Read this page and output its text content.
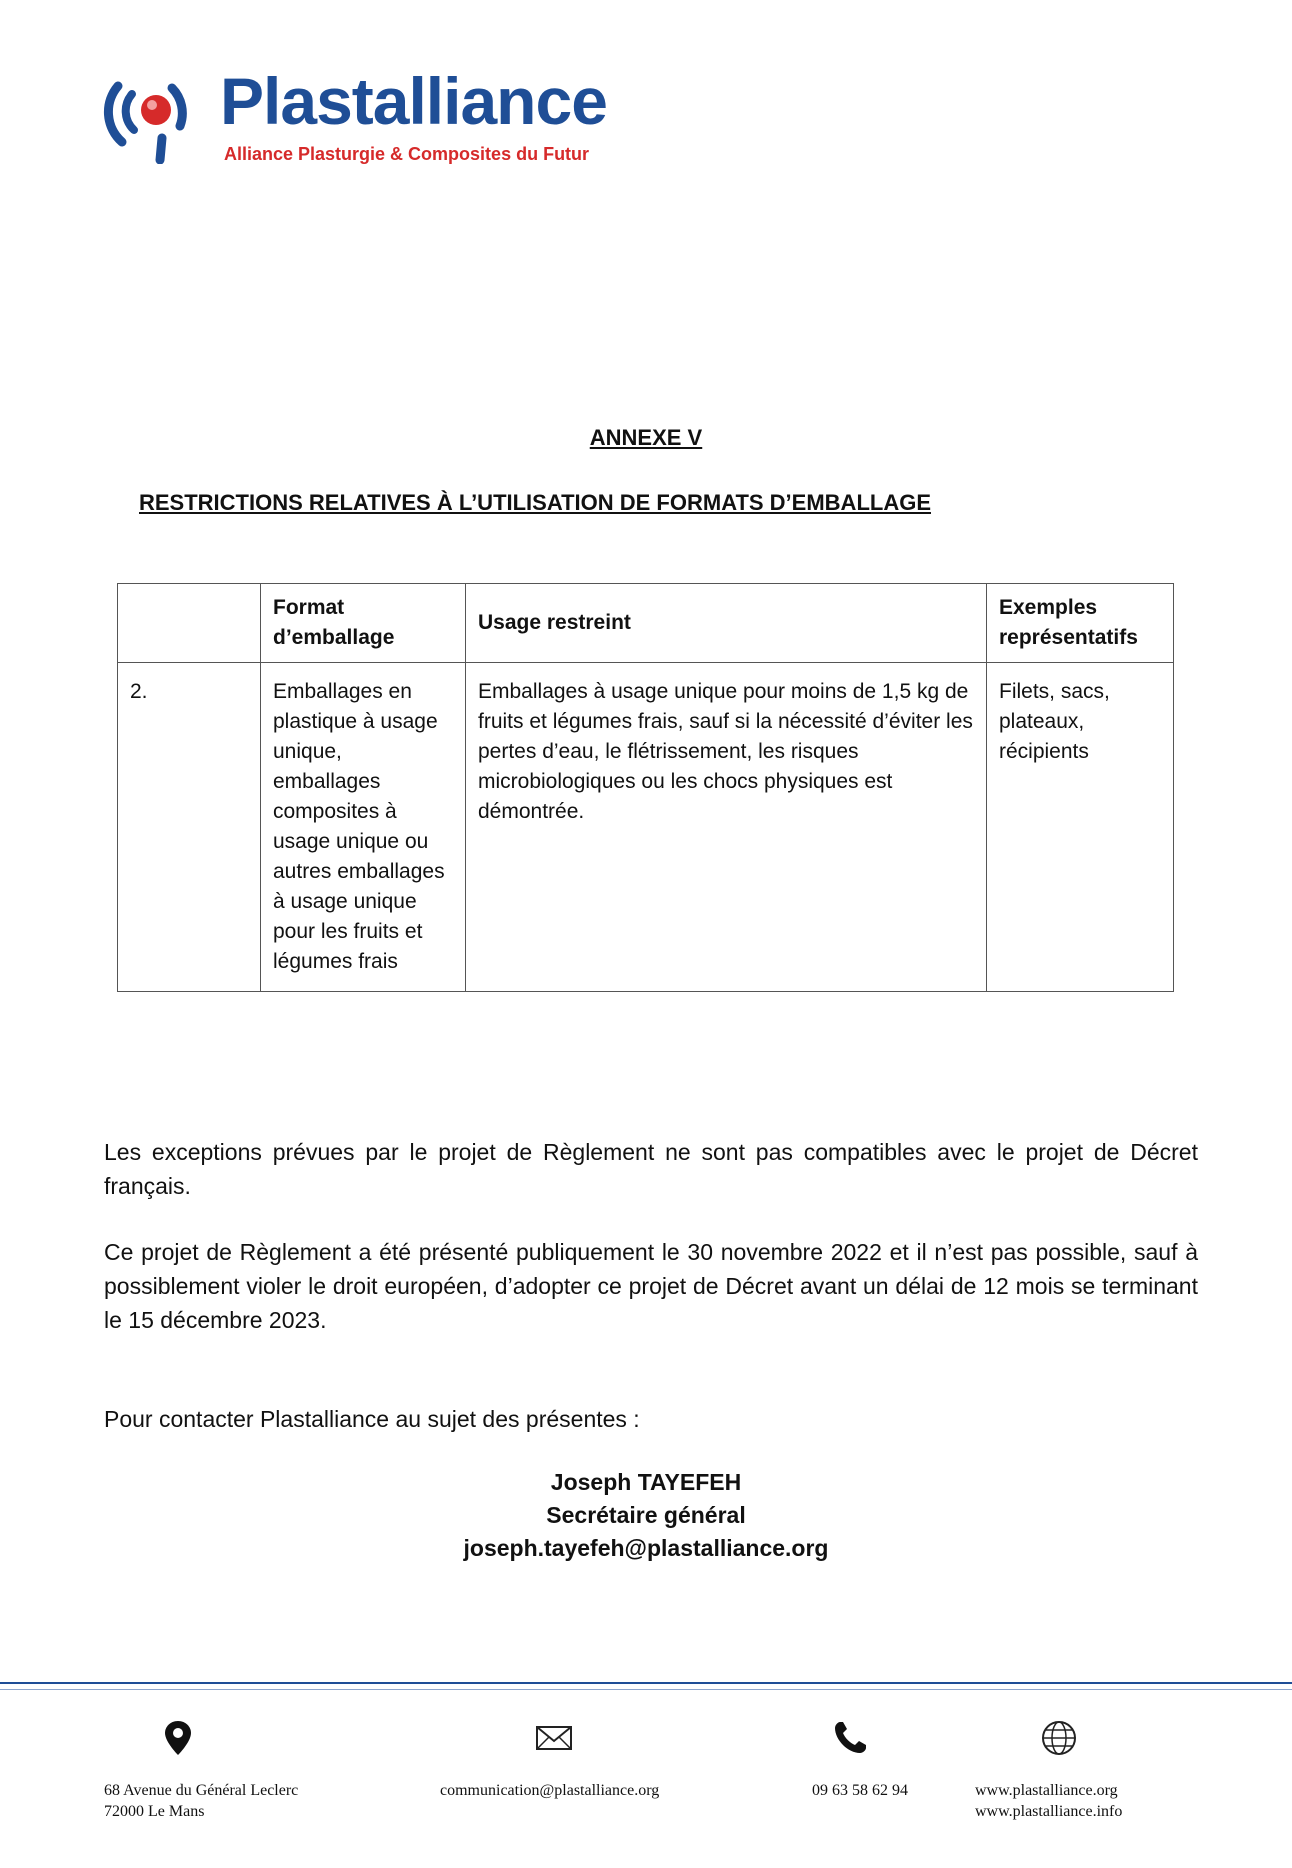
Plastalliance
Alliance Plasturgie & Composites du Futur
ANNEXE V
RESTRICTIONS RELATIVES À L’UTILISATION DE FORMATS D’EMBALLAGE
	Format d’emballage	Usage restreint	Exemples représentatifs
2.	Emballages en plastique à usage unique, emballages composites à usage unique ou autres emballages à usage unique pour les fruits et légumes frais	Emballages à usage unique pour moins de 1,5 kg de fruits et légumes frais, sauf si la nécessité d’éviter les pertes d’eau, le flétrissement, les risques microbiologiques ou les chocs physiques est démontrée.	Filets, sacs, plateaux, récipients
Les exceptions prévues par le projet de Règlement ne sont pas compatibles avec le projet de Décret français.
Ce projet de Règlement a été présenté publiquement le 30 novembre 2022 et il n’est pas possible, sauf à possiblement violer le droit européen, d’adopter ce projet de Décret avant un délai de 12 mois se terminant le 15 décembre 2023.
Pour contacter Plastalliance au sujet des présentes :
Joseph TAYEFEH
Secrétaire général
joseph.tayefeh@plastalliance.org
68 Avenue du Général Leclerc
72000 Le Mans
communication@plastalliance.org	09 63 58 62 94	www.plastalliance.org
www.plastalliance.info
